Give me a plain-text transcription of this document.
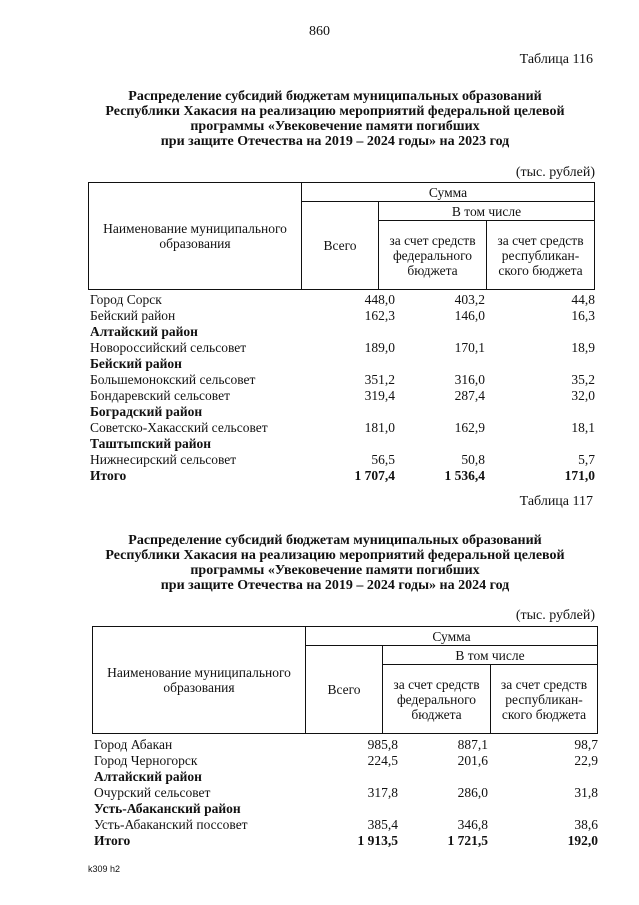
860
Таблица 116
Распределение субсидий бюджетам муниципальных образований
Республики Хакасия на реализацию мероприятий федеральной целевой
программы «Увековечение памяти погибших
при защите Отечества на 2019 – 2024 годы» на 2023 год
(тыс. рублей)
Наименование муниципального образования	Сумма		
	Всего	В том числе	
		за счет средств федерального бюджета	за счет средств республикан-ского бюджета
Город Сорск	448,0	403,2	44,8
Бейский район	162,3	146,0	16,3
Алтайский район
Новороссийский сельсовет	189,0	170,1	18,9
Бейский район
Большемонокский сельсовет	351,2	316,0	35,2
Бондаревский сельсовет	319,4	287,4	32,0
Боградский район
Советско-Хакасский сельсовет	181,0	162,9	18,1
Таштыпский район
Нижнесирский сельсовет	56,5	50,8	5,7
Итого	1 707,4	1 536,4	171,0
Таблица 117
Распределение субсидий бюджетам муниципальных образований
Республики Хакасия на реализацию мероприятий федеральной целевой
программы «Увековечение памяти погибших
при защите Отечества на 2019 – 2024 годы» на 2024 год
(тыс. рублей)
Наименование муниципального образования	Сумма		
	Всего	В том числе	
		за счет средств федерального бюджета	за счет средств республикан-ского бюджета
Город Абакан	985,8	887,1	98,7
Город Черногорск	224,5	201,6	22,9
Алтайский район
Очурский сельсовет	317,8	286,0	31,8
Усть-Абаканский район
Усть-Абаканский поссовет	385,4	346,8	38,6
Итого	1 913,5	1 721,5	192,0
k309 h2
